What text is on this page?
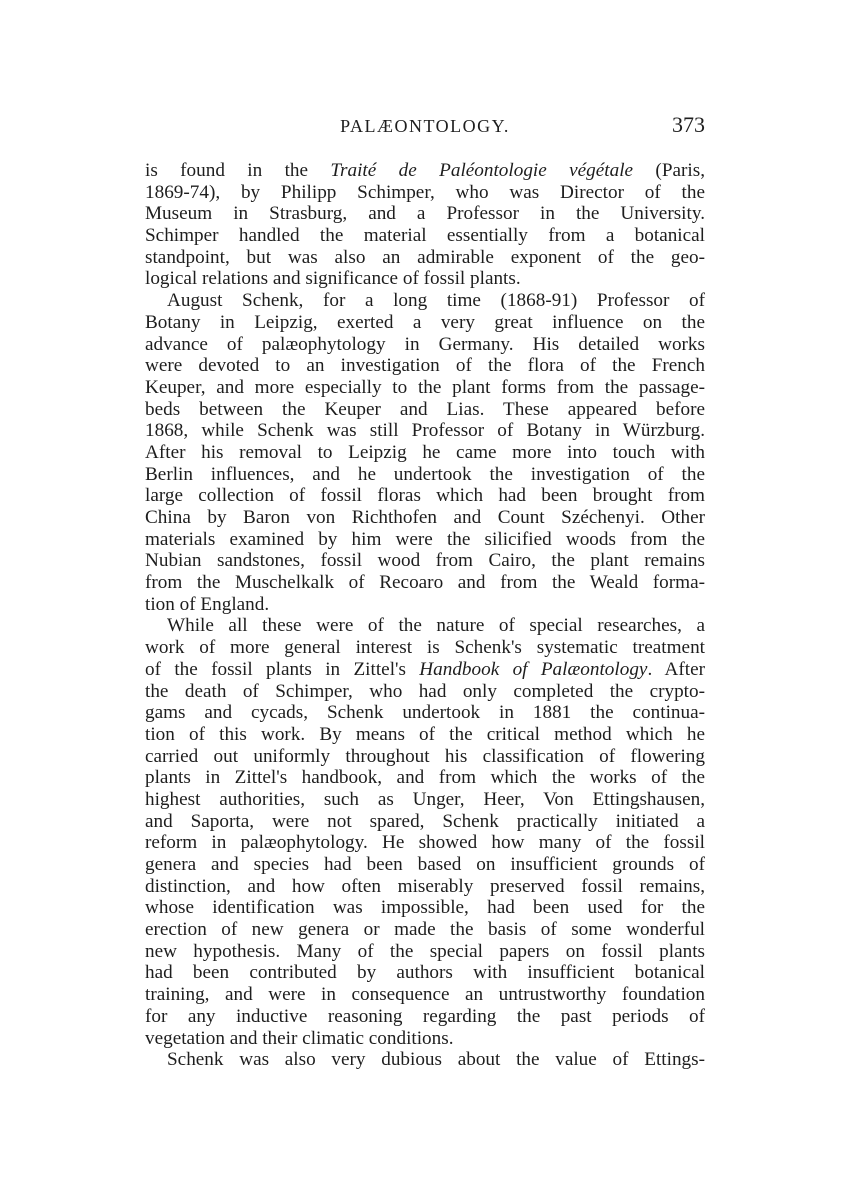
PALÆONTOLOGY.	373
is found in the Traité de Paléontologie végétale (Paris,
1869-74), by Philipp Schimper, who was Director of the
Museum in Strasburg, and a Professor in the University.
Schimper handled the material essentially from a botanical
standpoint, but was also an admirable exponent of the geo-
logical relations and significance of fossil plants.
August Schenk, for a long time (1868-91) Professor of
Botany in Leipzig, exerted a very great influence on the
advance of palæophytology in Germany. His detailed works
were devoted to an investigation of the flora of the French
Keuper, and more especially to the plant forms from the passage-
beds between the Keuper and Lias. These appeared before
1868, while Schenk was still Professor of Botany in Würzburg.
After his removal to Leipzig he came more into touch with
Berlin influences, and he undertook the investigation of the
large collection of fossil floras which had been brought from
China by Baron von Richthofen and Count Széchenyi. Other
materials examined by him were the silicified woods from the
Nubian sandstones, fossil wood from Cairo, the plant remains
from the Muschelkalk of Recoaro and from the Weald forma-
tion of England.
While all these were of the nature of special researches, a
work of more general interest is Schenk's systematic treatment
of the fossil plants in Zittel's Handbook of Palæontology. After
the death of Schimper, who had only completed the crypto-
gams and cycads, Schenk undertook in 1881 the continua-
tion of this work. By means of the critical method which he
carried out uniformly throughout his classification of flowering
plants in Zittel's handbook, and from which the works of the
highest authorities, such as Unger, Heer, Von Ettingshausen,
and Saporta, were not spared, Schenk practically initiated a
reform in palæophytology. He showed how many of the fossil
genera and species had been based on insufficient grounds of
distinction, and how often miserably preserved fossil remains,
whose identification was impossible, had been used for the
erection of new genera or made the basis of some wonderful
new hypothesis. Many of the special papers on fossil plants
had been contributed by authors with insufficient botanical
training, and were in consequence an untrustworthy foundation
for any inductive reasoning regarding the past periods of
vegetation and their climatic conditions.
Schenk was also very dubious about the value of Ettings-
